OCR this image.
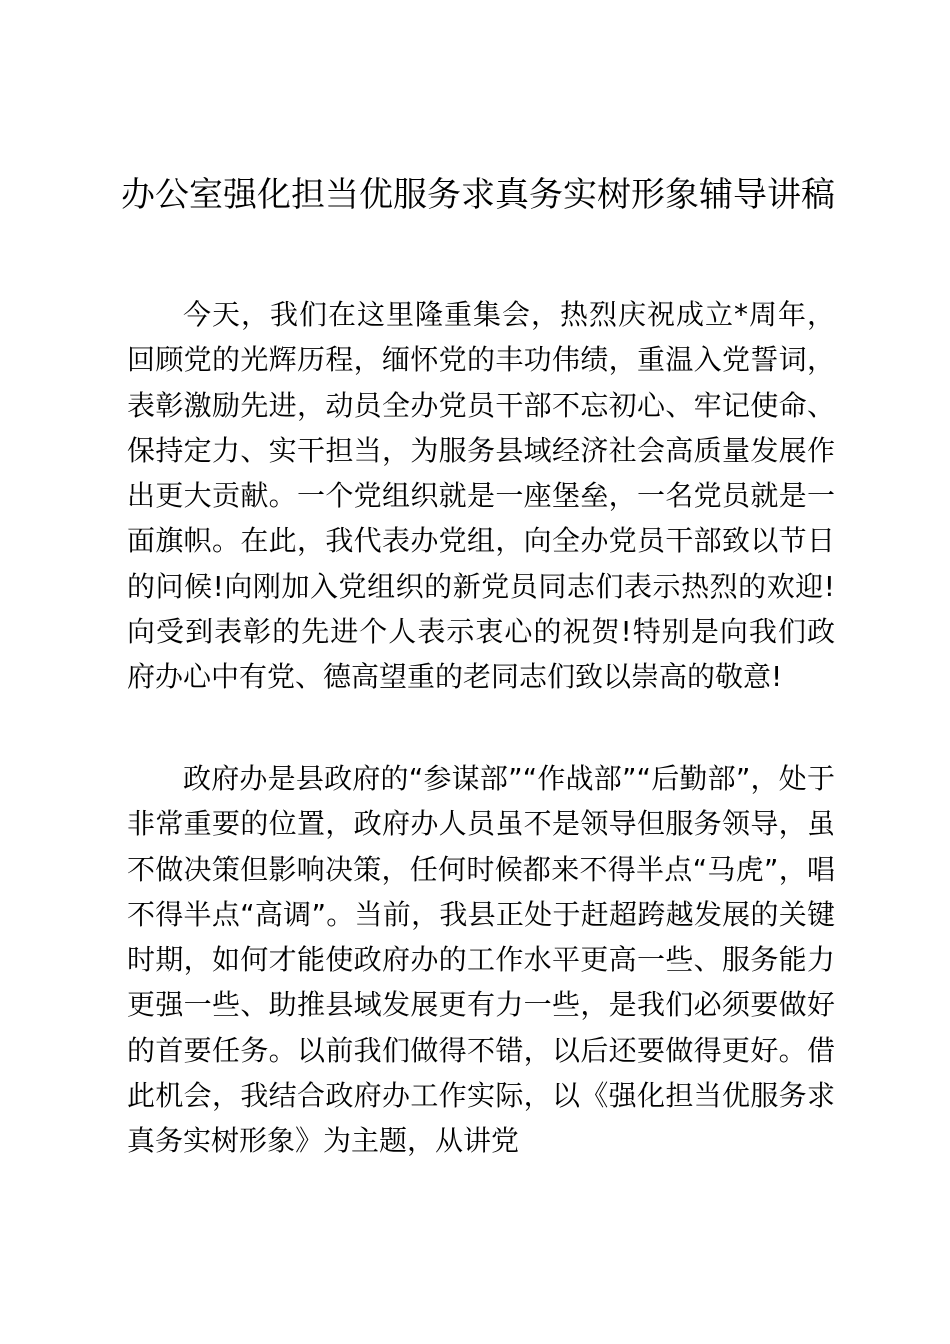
办公室强化担当优服务求真务实树形象辅导讲稿

今天，我们在这里隆重集会，热烈庆祝成立*周年，回顾党的光辉历程，缅怀党的丰功伟绩，重温入党誓词，表彰激励先进，动员全办党员干部不忘初心、牢记使命、保持定力、实干担当，为服务县域经济社会高质量发展作出更大贡献。一个党组织就是一座堡垒，一名党员就是一面旗帜。在此，我代表办党组，向全办党员干部致以节日的问候!向刚加入党组织的新党员同志们表示热烈的欢迎!向受到表彰的先进个人表示衷心的祝贺!特别是向我们政府办心中有党、德高望重的老同志们致以崇高的敬意!

政府办是县政府的“参谋部”“作战部”“后勤部”，处于非常重要的位置，政府办人员虽不是领导但服务领导，虽不做决策但影响决策，任何时候都来不得半点“马虎”，唱不得半点“高调”。当前，我县正处于赶超跨越发展的关键时期，如何才能使政府办的工作水平更高一些、服务能力更强一些、助推县域发展更有力一些，是我们必须要做好的首要任务。以前我们做得不错，以后还要做得更好。借此机会，我结合政府办工作实际，以《强化担当优服务求真务实树形象》为主题，从讲党
